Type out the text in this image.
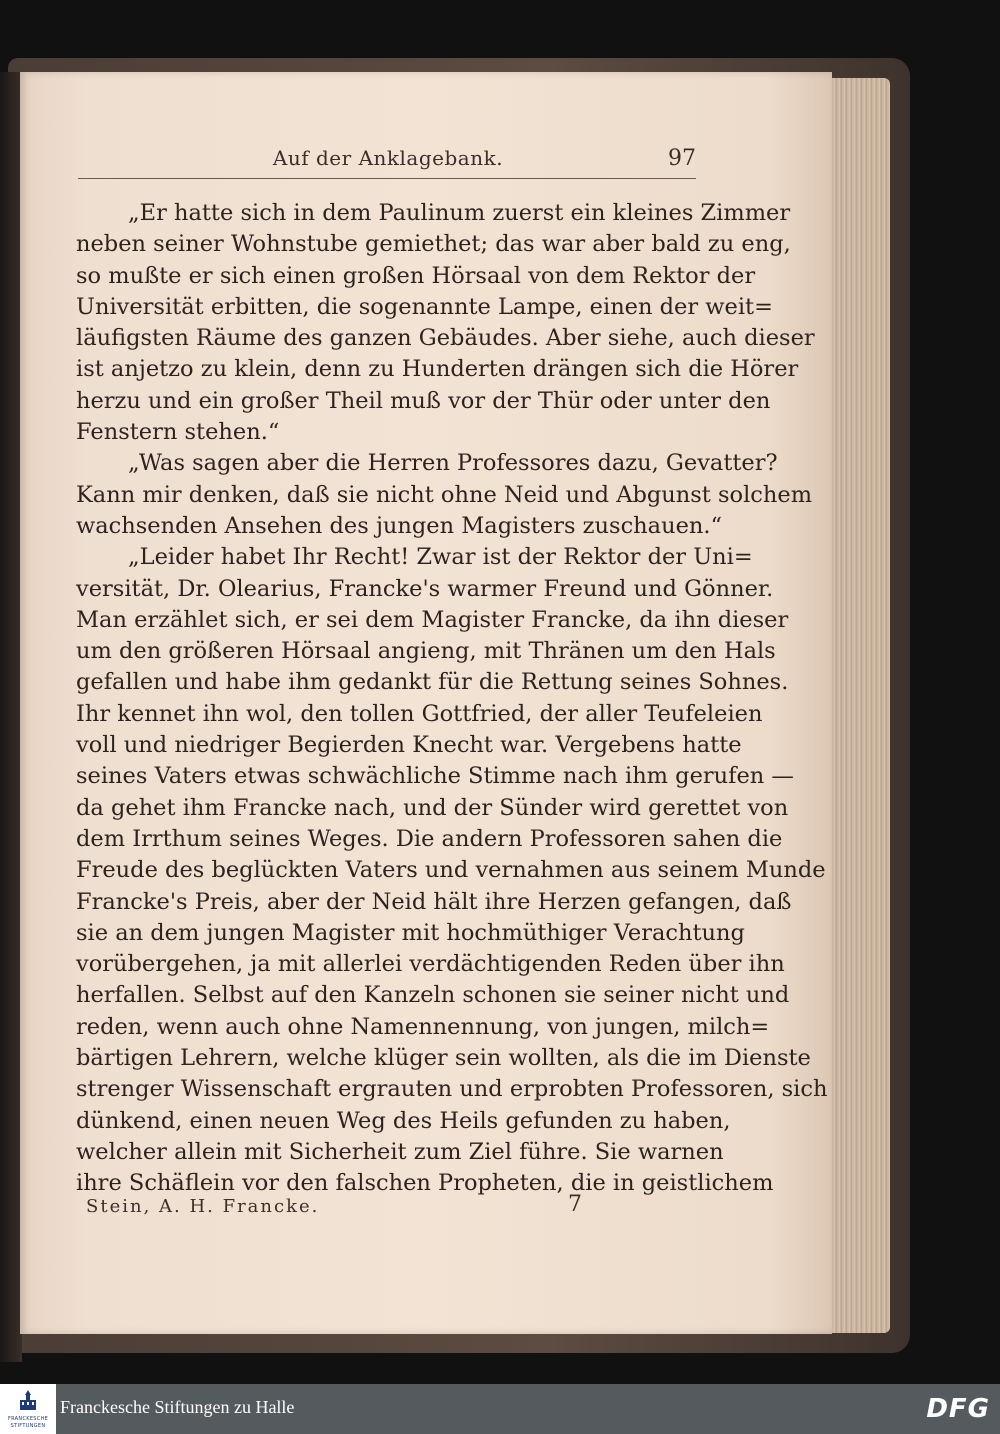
Auf der Anklagebank.	97
„Er hatte sich in dem Paulinum zuerst ein kleines Zimmer
neben seiner Wohnstube gemiethet; das war aber bald zu eng,
so mußte er sich einen großen Hörsaal von dem Rektor der
Universität erbitten, die sogenannte Lampe, einen der weit=
läufigsten Räume des ganzen Gebäudes. Aber siehe, auch dieser
ist anjetzo zu klein, denn zu Hunderten drängen sich die Hörer
herzu und ein großer Theil muß vor der Thür oder unter den
Fenstern stehen.“
„Was sagen aber die Herren Professores dazu, Gevatter?
Kann mir denken, daß sie nicht ohne Neid und Abgunst solchem
wachsenden Ansehen des jungen Magisters zuschauen.“
„Leider habet Ihr Recht! Zwar ist der Rektor der Uni=
versität, Dr. Olearius, Francke's warmer Freund und Gönner.
Man erzählet sich, er sei dem Magister Francke, da ihn dieser
um den größeren Hörsaal angieng, mit Thränen um den Hals
gefallen und habe ihm gedankt für die Rettung seines Sohnes.
Ihr kennet ihn wol, den tollen Gottfried, der aller Teufeleien
voll und niedriger Begierden Knecht war. Vergebens hatte
seines Vaters etwas schwächliche Stimme nach ihm gerufen —
da gehet ihm Francke nach, und der Sünder wird gerettet von
dem Irrthum seines Weges. Die andern Professoren sahen die
Freude des beglückten Vaters und vernahmen aus seinem Munde
Francke's Preis, aber der Neid hält ihre Herzen gefangen, daß
sie an dem jungen Magister mit hochmüthiger Verachtung
vorübergehen, ja mit allerlei verdächtigenden Reden über ihn
herfallen. Selbst auf den Kanzeln schonen sie seiner nicht und
reden, wenn auch ohne Namennennung, von jungen, milch=
bärtigen Lehrern, welche klüger sein wollten, als die im Dienste
strenger Wissenschaft ergrauten und erprobten Professoren, sich
dünkend, einen neuen Weg des Heils gefunden zu haben,
welcher allein mit Sicherheit zum Ziel führe. Sie warnen
ihre Schäflein vor den falschen Propheten, die in geistlichem
Stein, A. H. Francke.	7
FRANCKESCHE
STIFTUNGEN
Franckesche Stiftungen zu Halle	DFG
